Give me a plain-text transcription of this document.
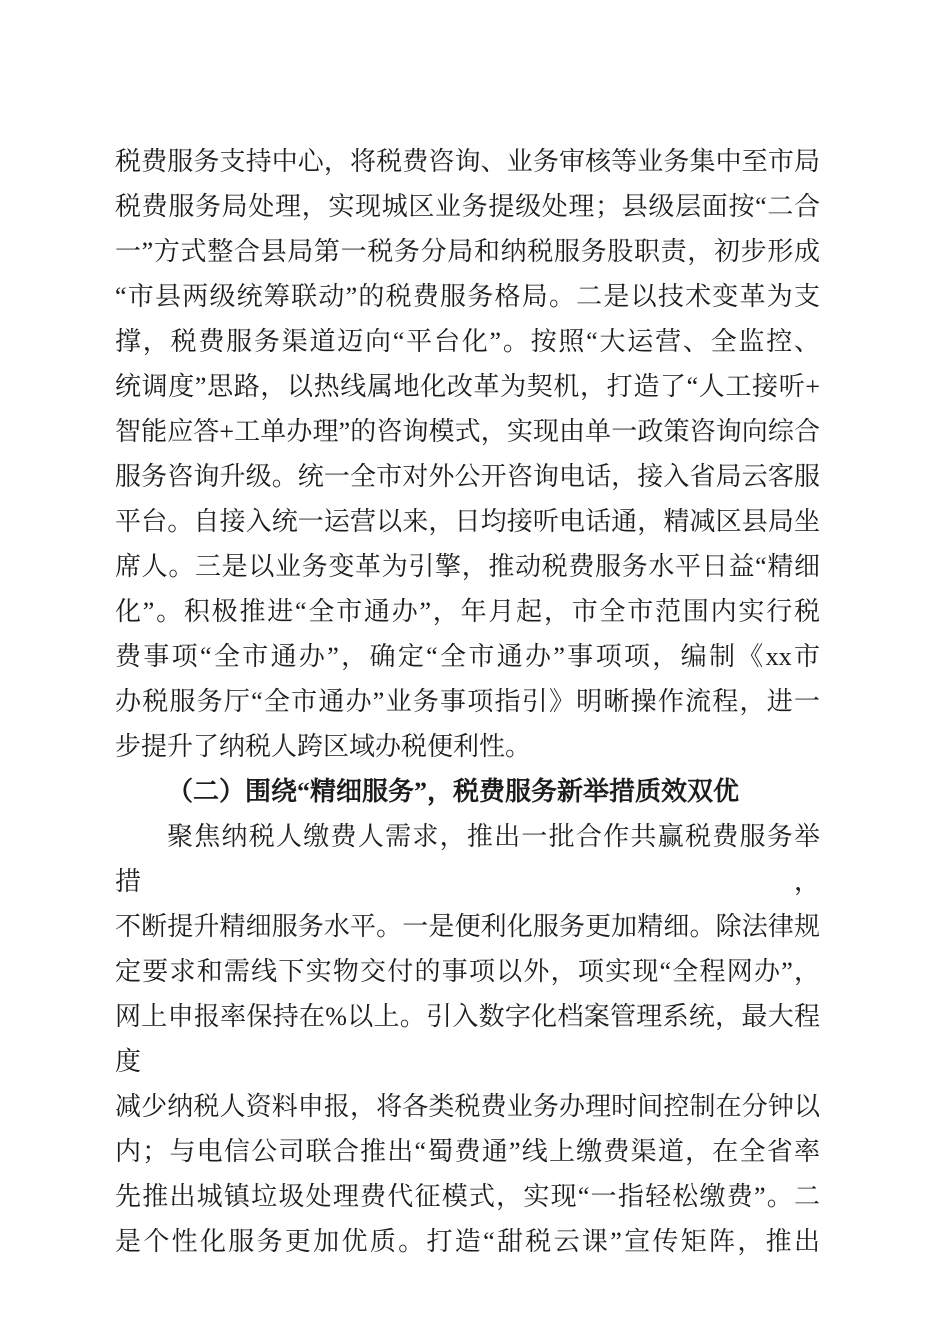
税费服务支持中心，将税费咨询、业务审核等业务集中至市局
税费服务局处理，实现城区业务提级处理；县级层面按“二合
一”方式整合县局第一税务分局和纳税服务股职责，初步形成
“市县两级统筹联动”的税费服务格局。二是以技术变革为支
撑，税费服务渠道迈向“平台化”。按照“大运营、全监控、
统调度”思路，以热线属地化改革为契机，打造了“人工接听+
智能应答+工单办理”的咨询模式，实现由单一政策咨询向综合
服务咨询升级。统一全市对外公开咨询电话，接入省局云客服
平台。自接入统一运营以来，日均接听电话通，精减区县局坐
席人。三是以业务变革为引擎，推动税费服务水平日益“精细
化”。积极推进“全市通办”，年月起，市全市范围内实行税
费事项“全市通办”，确定“全市通办”事项项，编制《xx市
办税服务厅“全市通办”业务事项指引》明晰操作流程，进一
步提升了纳税人跨区域办税便利性。
（二）围绕“精细服务”，税费服务新举措质效双优
聚焦纳税人缴费人需求，推出一批合作共赢税费服务举措，
不断提升精细服务水平。一是便利化服务更加精细。除法律规
定要求和需线下实物交付的事项以外，项实现“全程网办”，
网上申报率保持在%以上。引入数字化档案管理系统，最大程度
减少纳税人资料申报，将各类税费业务办理时间控制在分钟以
内；与电信公司联合推出“蜀费通”线上缴费渠道，在全省率
先推出城镇垃圾处理费代征模式，实现“一指轻松缴费”。二
是个性化服务更加优质。打造“甜税云课”宣传矩阵，推出
